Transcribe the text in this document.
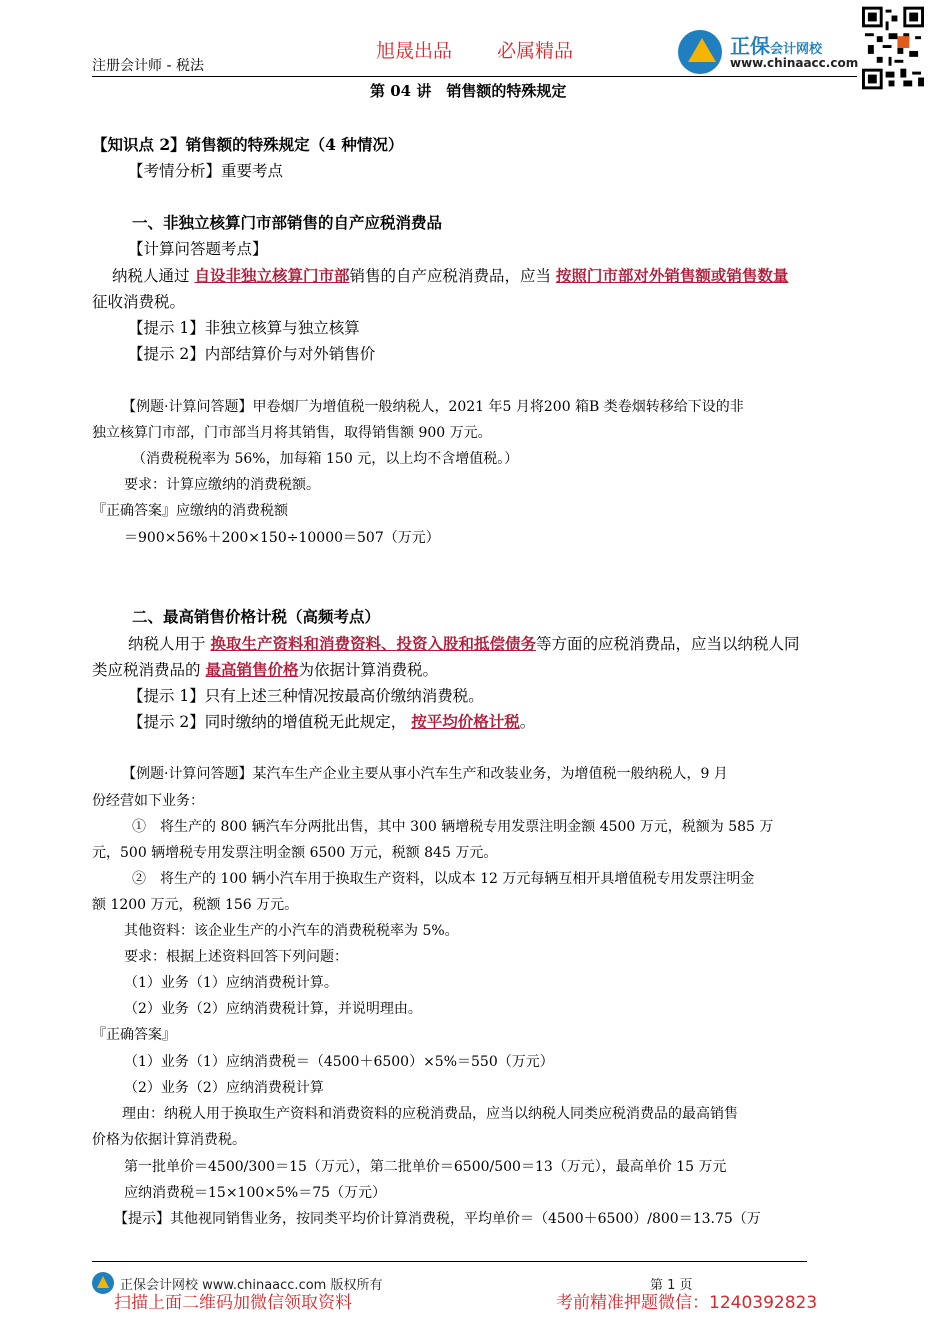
旭晟出品 必属精品
注册会计师 - 税法
正保会计网校
www.chinaacc.com
第 04 讲　销售额的特殊规定
【知识点 2】销售额的特殊规定（4 种情况）
【考情分析】重要考点
一、非独立核算门市部销售的自产应税消费品
【计算问答题考点】
纳税人通过 自设非独立核算门市部销售的自产应税消费品，应当 按照门市部对外销售额或销售数量
征收消费税。
【提示 1】非独立核算与独立核算
【提示 2】内部结算价与对外销售价
【例题·计算问答题】甲卷烟厂为增值税一般纳税人，2021 年5 月将200 箱B 类卷烟转移给下设的非
独立核算门市部，门市部当月将其销售，取得销售额 900 万元。
（消费税税率为 56%，加每箱 150 元，以上均不含增值税。）
要求：计算应缴纳的消费税额。
『正确答案』应缴纳的消费税额
＝900×56%＋200×150÷10000＝507（万元）
二、最高销售价格计税（高频考点）
纳税人用于 换取生产资料和消费资料、投资入股和抵偿债务等方面的应税消费品，应当以纳税人同
类应税消费品的 最高销售价格为依据计算消费税。
【提示 1】只有上述三种情况按最高价缴纳消费税。
【提示 2】同时缴纳的增值税无此规定， 按平均价格计税。
【例题·计算问答题】某汽车生产企业主要从事小汽车生产和改装业务，为增值税一般纳税人，9 月
份经营如下业务：
①　将生产的 800 辆汽车分两批出售，其中 300 辆增税专用发票注明金额 4500 万元，税额为 585 万
元，500 辆增税专用发票注明金额 6500 万元，税额 845 万元。
②　将生产的 100 辆小汽车用于换取生产资料，以成本 12 万元每辆互相开具增值税专用发票注明金
额 1200 万元，税额 156 万元。
其他资料：该企业生产的小汽车的消费税税率为 5%。
要求：根据上述资料回答下列问题：
（1）业务（1）应纳消费税计算。
（2）业务（2）应纳消费税计算，并说明理由。
『正确答案』
（1）业务（1）应纳消费税＝（4500＋6500）×5%＝550（万元）
（2）业务（2）应纳消费税计算
理由：纳税人用于换取生产资料和消费资料的应税消费品，应当以纳税人同类应税消费品的最高销售
价格为依据计算消费税。
第一批单价＝4500/300＝15（万元），第二批单价＝6500/500＝13（万元），最高单价 15 万元
应纳消费税＝15×100×5%＝75（万元）
【提示】其他视同销售业务，按同类平均价计算消费税，平均单价＝（4500＋6500）/800＝13.75（万
正保会计网校 www.chinaacc.com 版权所有	第 1 页
扫描上面二维码加微信领取资料	考前精准押题微信：1240392823
